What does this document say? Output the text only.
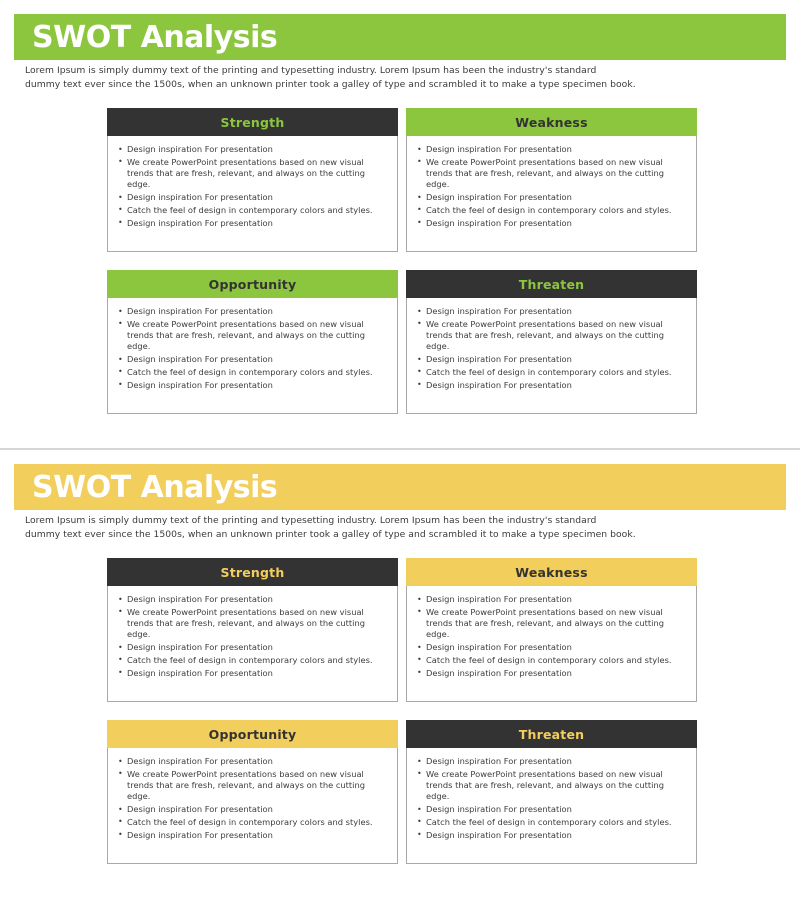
SWOT Analysis
Lorem Ipsum is simply dummy text of the printing and typesetting industry. Lorem Ipsum has been the industry's standard
dummy text ever since the 1500s, when an unknown printer took a galley of type and scrambled it to make a type specimen book.
Strength
• Design inspiration For presentation
• We create PowerPoint presentations based on new visual trends that are fresh, relevant, and always on the cutting edge.
• Design inspiration For presentation
• Catch the feel of design in contemporary colors and styles.
• Design inspiration For presentation
Weakness
• Design inspiration For presentation
• We create PowerPoint presentations based on new visual trends that are fresh, relevant, and always on the cutting edge.
• Design inspiration For presentation
• Catch the feel of design in contemporary colors and styles.
• Design inspiration For presentation
Opportunity
• Design inspiration For presentation
• We create PowerPoint presentations based on new visual trends that are fresh, relevant, and always on the cutting edge.
• Design inspiration For presentation
• Catch the feel of design in contemporary colors and styles.
• Design inspiration For presentation
Threaten
• Design inspiration For presentation
• We create PowerPoint presentations based on new visual trends that are fresh, relevant, and always on the cutting edge.
• Design inspiration For presentation
• Catch the feel of design in contemporary colors and styles.
• Design inspiration For presentation
SWOT Analysis
Lorem Ipsum is simply dummy text of the printing and typesetting industry. Lorem Ipsum has been the industry's standard
dummy text ever since the 1500s, when an unknown printer took a galley of type and scrambled it to make a type specimen book.
Strength
• Design inspiration For presentation
• We create PowerPoint presentations based on new visual trends that are fresh, relevant, and always on the cutting edge.
• Design inspiration For presentation
• Catch the feel of design in contemporary colors and styles.
• Design inspiration For presentation
Weakness
• Design inspiration For presentation
• We create PowerPoint presentations based on new visual trends that are fresh, relevant, and always on the cutting edge.
• Design inspiration For presentation
• Catch the feel of design in contemporary colors and styles.
• Design inspiration For presentation
Opportunity
• Design inspiration For presentation
• We create PowerPoint presentations based on new visual trends that are fresh, relevant, and always on the cutting edge.
• Design inspiration For presentation
• Catch the feel of design in contemporary colors and styles.
• Design inspiration For presentation
Threaten
• Design inspiration For presentation
• We create PowerPoint presentations based on new visual trends that are fresh, relevant, and always on the cutting edge.
• Design inspiration For presentation
• Catch the feel of design in contemporary colors and styles.
• Design inspiration For presentation
